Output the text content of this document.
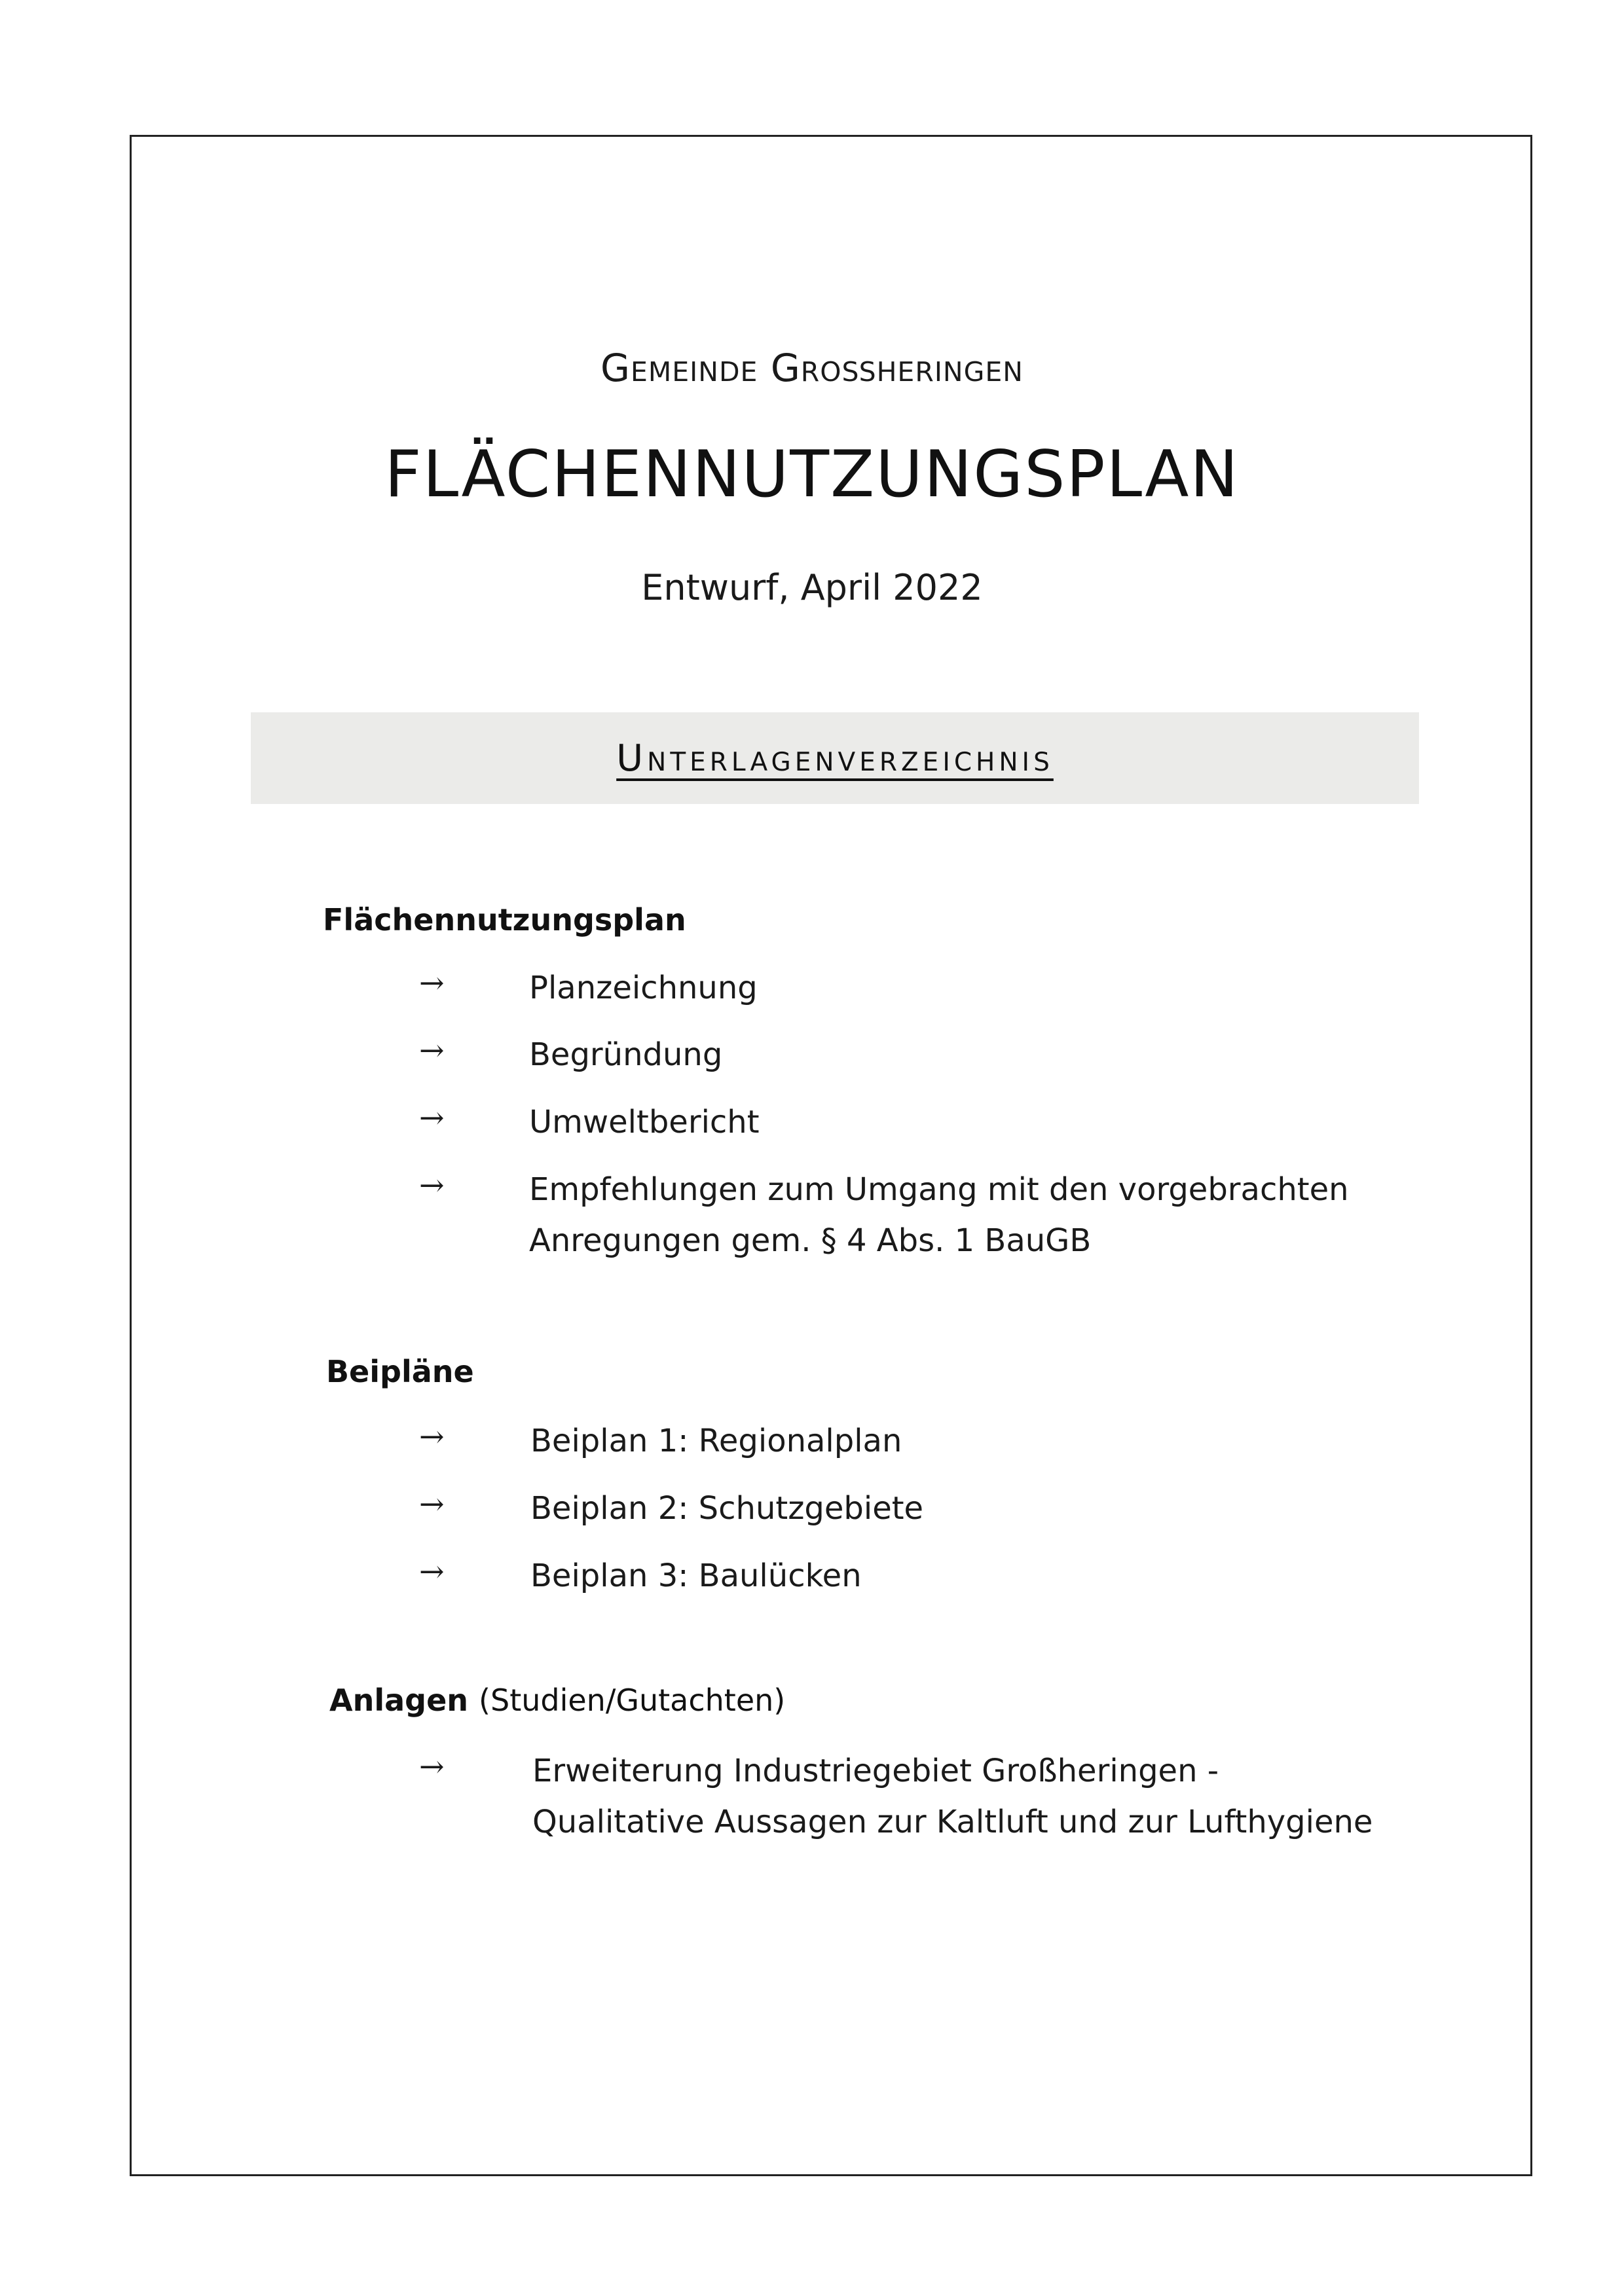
Gemeinde Großheringen
FLÄCHENNUTZUNGSPLAN
Entwurf, April 2022
Unterlagenverzeichnis
Flächennutzungsplan
→	Planzeichnung
→	Begründung
→	Umweltbericht
→	Empfehlungen zum Umgang mit den vorgebrachten Anregungen gem. § 4 Abs. 1 BauGB
Beipläne
→	Beiplan 1: Regionalplan
→	Beiplan 2: Schutzgebiete
→	Beiplan 3: Baulücken
Anlagen (Studien/Gutachten)
→	Erweiterung Industriegebiet Großheringen - Qualitative Aussagen zur Kaltluft und zur Lufthygiene
